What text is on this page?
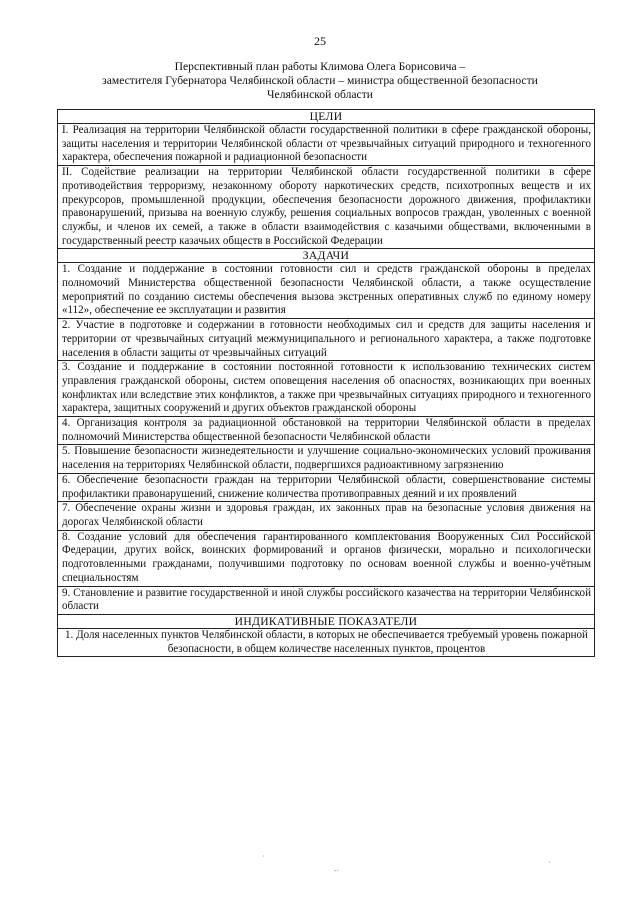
25
Перспективный план работы Климова Олега Борисовича –
заместителя Губернатора Челябинской области – министра общественной безопасности
Челябинской области
ЦЕЛИ
I. Реализация на территории Челябинской области государственной политики в сфере гражданской обороны, защиты населения и территории Челябинской области от чрезвычайных ситуаций природного и техногенного характера, обеспечения пожарной и радиационной безопасности
II. Содействие реализации на территории Челябинской области государственной политики в сфере противодействия терроризму, незаконному обороту наркотических средств, психотропных веществ и их прекурсоров, промышленной продукции, обеспечения безопасности дорожного движения, профилактики правонарушений, призыва на военную службу, решения социальных вопросов граждан, уволенных с военной службы, и членов их семей, а также в области взаимодействия с казачьими обществами, включенными в государственный реестр казачьих обществ в Российской Федерации
ЗАДАЧИ
1. Создание и поддержание в состоянии готовности сил и средств гражданской обороны в пределах полномочий Министерства общественной безопасности Челябинской области, а также осуществление мероприятий по созданию системы обеспечения вызова экстренных оперативных служб по единому номеру «112», обеспечение ее эксплуатации и развития
2. Участие в подготовке и содержании в готовности необходимых сил и средств для защиты населения и территории от чрезвычайных ситуаций межмуниципального и регионального характера, а также подготовке населения в области защиты от чрезвычайных ситуаций
3. Создание и поддержание в состоянии постоянной готовности к использованию технических систем управления гражданской обороны, систем оповещения населения об опасностях, возникающих при военных конфликтах или вследствие этих конфликтов, а также при чрезвычайных ситуациях природного и техногенного характера, защитных сооружений и других объектов гражданской обороны
4. Организация контроля за радиационной обстановкой на территории Челябинской области в пределах полномочий Министерства общественной безопасности Челябинской области
5. Повышение безопасности жизнедеятельности и улучшение социально-экономических условий проживания населения на территориях Челябинской области, подвергшихся радиоактивному загрязнению
6. Обеспечение безопасности граждан на территории Челябинской области, совершенствование системы профилактики правонарушений, снижение количества противоправных деяний и их проявлений
7. Обеспечение охраны жизни и здоровья граждан, их законных прав на безопасные условия движения на дорогах Челябинской области
8. Создание условий для обеспечения гарантированного комплектования Вооруженных Сил Российской Федерации, других войск, воинских формирований и органов физически, морально и психологически подготовленными гражданами, получившими подготовку по основам военной службы и военно-учётным специальностям
9. Становление и развитие государственной и иной службы российского казачества на территории Челябинской области
ИНДИКАТИВНЫЕ ПОКАЗАТЕЛИ
1. Доля населенных пунктов Челябинской области, в которых не обеспечивается требуемый уровень пожарной безопасности, в общем количестве населенных пунктов, процентов
·
-·
·
